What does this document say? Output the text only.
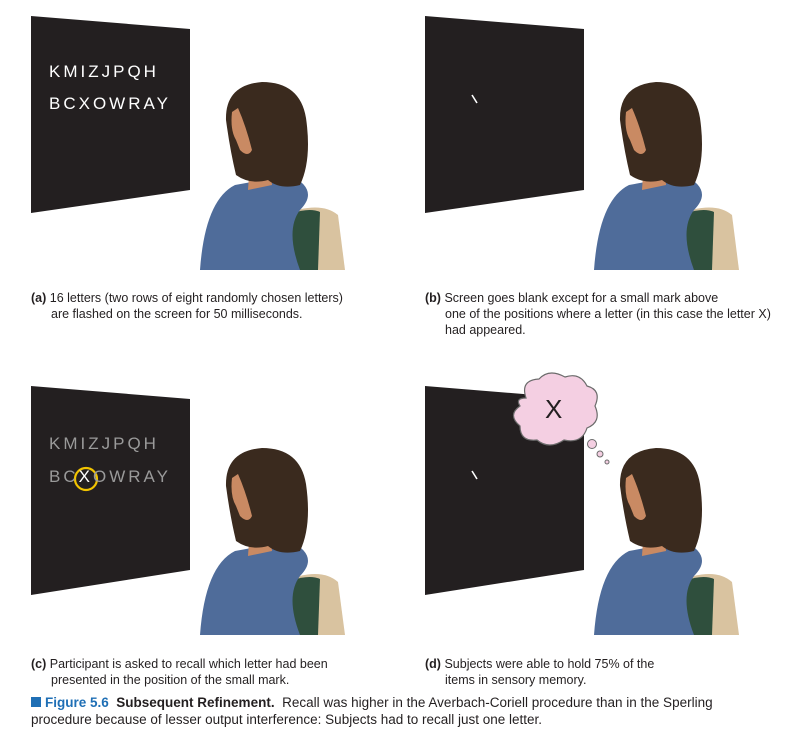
KMIZJPQH
BCXOWRAY
(a) 16 letters (two rows of eight randomly chosen letters)
are flashed on the screen for 50 milliseconds.
(b) Screen goes blank except for a small mark above
one of the positions where a letter (in this case the letter X)
had appeared.
KMIZJPQH
BCXOWRAY
(c) Participant is asked to recall which letter had been
presented in the position of the small mark.
X
(d) Subjects were able to hold 75% of the
items in sensory memory.
Figure 5.6 Subsequent Refinement. Recall was higher in the Averbach-Coriell procedure than in the Sperling
procedure because of lesser output interference: Subjects had to recall just one letter.
